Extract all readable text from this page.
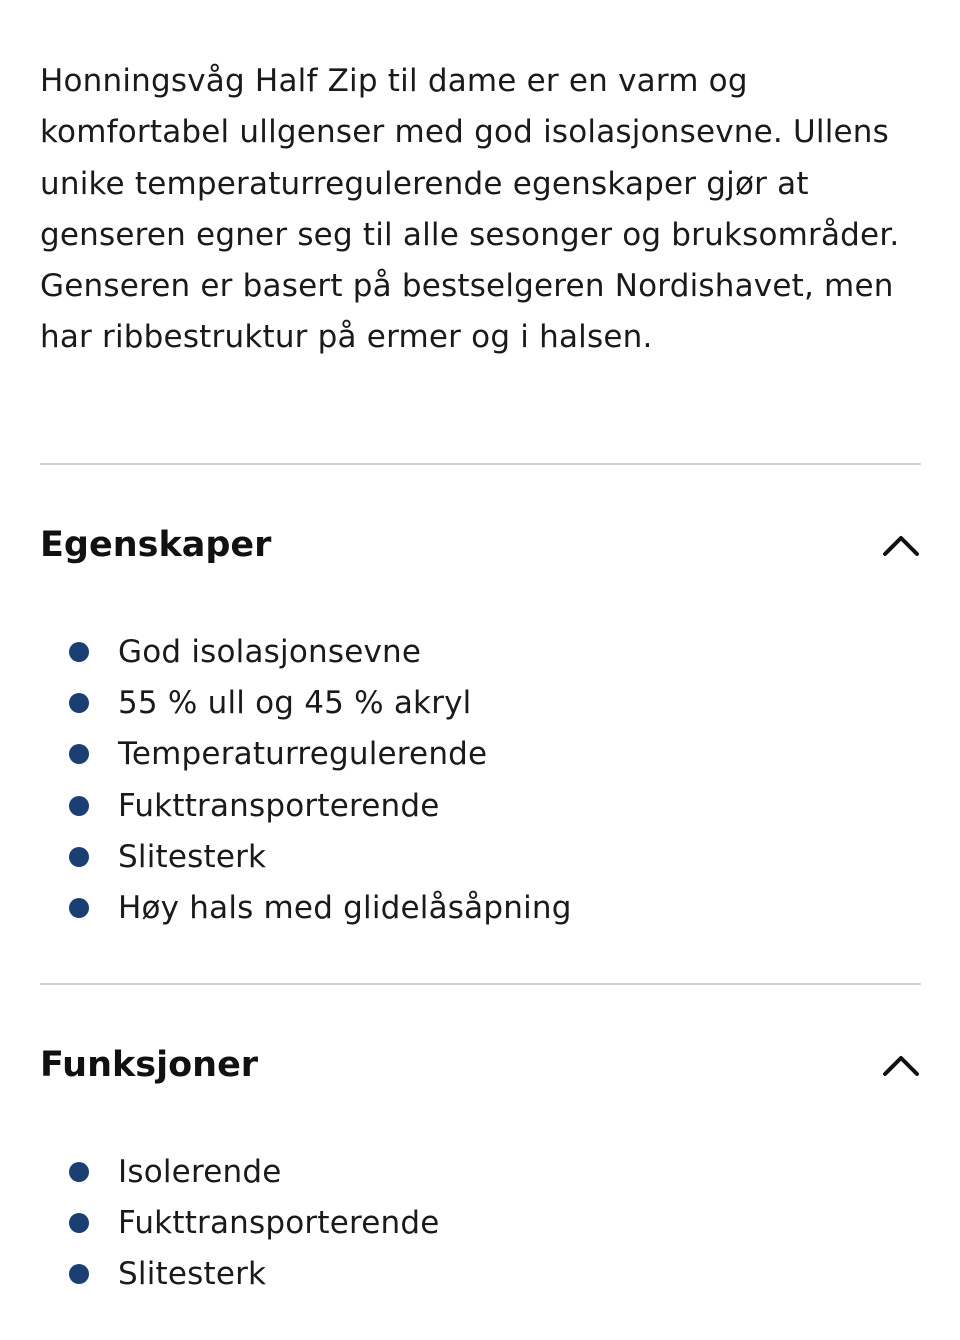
Honningsvåg Half Zip til dame er en varm og komfortabel ullgenser med god isolasjonsevne. Ullens unike temperaturregulerende egenskaper gjør at genseren egner seg til alle sesonger og bruksområder. Genseren er basert på bestselgeren Nordishavet, men har ribbestruktur på ermer og i halsen.

Egenskaper
God isolasjonsevne
55 % ull og 45 % akryl
Temperaturregulerende
Fukttransporterende
Slitesterk
Høy hals med glidelåsåpning
Funksjoner
Isolerende
Fukttransporterende
Slitesterk
